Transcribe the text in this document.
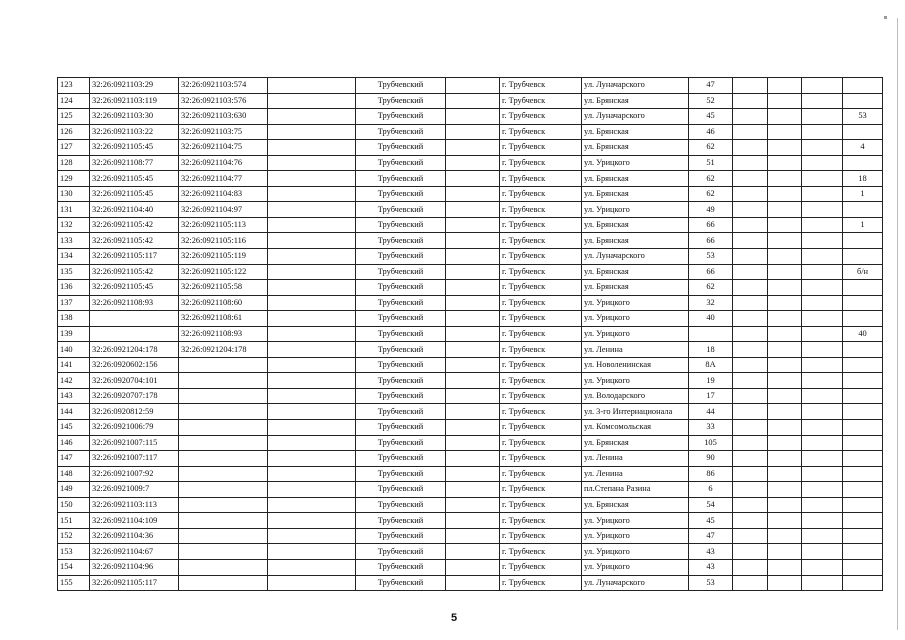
123	32:26:0921103:29	32:26:0921103:574		Трубчевский		г. Трубчевск	ул. Луначарского	47				
124	32:26:0921103:119	32:26:0921103:576		Трубчевский		г. Трубчевск	ул. Брянская	52				
125	32:26:0921103:30	32:26:0921103:630		Трубчевский		г. Трубчевск	ул. Луначарского	45				53
126	32:26:0921103:22	32:26:0921103:75		Трубчевский		г. Трубчевск	ул. Брянская	46				
127	32:26:0921105:45	32:26:0921104:75		Трубчевский		г. Трубчевск	ул. Брянская	62				4
128	32:26:0921108:77	32:26:0921104:76		Трубчевский		г. Трубчевск	ул. Урицкого	51				
129	32:26:0921105:45	32:26:0921104:77		Трубчевский		г. Трубчевск	ул. Брянская	62				18
130	32:26:0921105:45	32:26:0921104:83		Трубчевский		г. Трубчевск	ул. Брянская	62				1
131	32:26:0921104:40	32:26:0921104:97		Трубчевский		г. Трубчевск	ул. Урицкого	49				
132	32:26:0921105:42	32:26:0921105:113		Трубчевский		г. Трубчевск	ул. Брянская	66				1
133	32:26:0921105:42	32:26:0921105:116		Трубчевский		г. Трубчевск	ул. Брянская	66				
134	32:26:0921105:117	32:26:0921105:119		Трубчевский		г. Трубчевск	ул. Луначарского	53				
135	32:26:0921105:42	32:26:0921105:122		Трубчевский		г. Трубчевск	ул. Брянская	66				б/н
136	32:26:0921105:45	32:26:0921105:58		Трубчевский		г. Трубчевск	ул. Брянская	62				
137	32:26:0921108:93	32:26:0921108:60		Трубчевский		г. Трубчевск	ул. Урицкого	32				
138		32:26:0921108:61		Трубчевский		г. Трубчевск	ул. Урицкого	40				
139		32:26:0921108:93		Трубчевский		г. Трубчевск	ул. Урицкого					40
140	32:26:0921204:178	32:26:0921204:178		Трубчевский		г. Трубчевск	ул. Ленина	18				
141	32:26:0920602:156			Трубчевский		г. Трубчевск	ул. Новоленинская	8А				
142	32:26:0920704:101			Трубчевский		г. Трубчевск	ул. Урицкого	19				
143	32:26:0920707:178			Трубчевский		г. Трубчевск	ул. Володарского	17				
144	32:26:0920812:59			Трубчевский		г. Трубчевск	ул. 3-го Интернационала	44				
145	32:26:0921006:79			Трубчевский		г. Трубчевск	ул. Комсомольская	33				
146	32:26:0921007:115			Трубчевский		г. Трубчевск	ул. Брянская	105				
147	32:26:0921007:117			Трубчевский		г. Трубчевск	ул. Ленина	90				
148	32:26:0921007:92			Трубчевский		г. Трубчевск	ул. Ленина	86				
149	32:26:0921009:7			Трубчевский		г. Трубчевск	пл.Степана Разина	6				
150	32:26:0921103:113			Трубчевский		г. Трубчевск	ул. Брянская	54				
151	32:26:0921104:109			Трубчевский		г. Трубчевск	ул. Урицкого	45				
152	32:26:0921104:36			Трубчевский		г. Трубчевск	ул. Урицкого	47				
153	32:26:0921104:67			Трубчевский		г. Трубчевск	ул. Урицкого	43				
154	32:26:0921104:96			Трубчевский		г. Трубчевск	ул. Урицкого	43				
155	32:26:0921105:117			Трубчевский		г. Трубчевск	ул. Луначарского	53				
5
